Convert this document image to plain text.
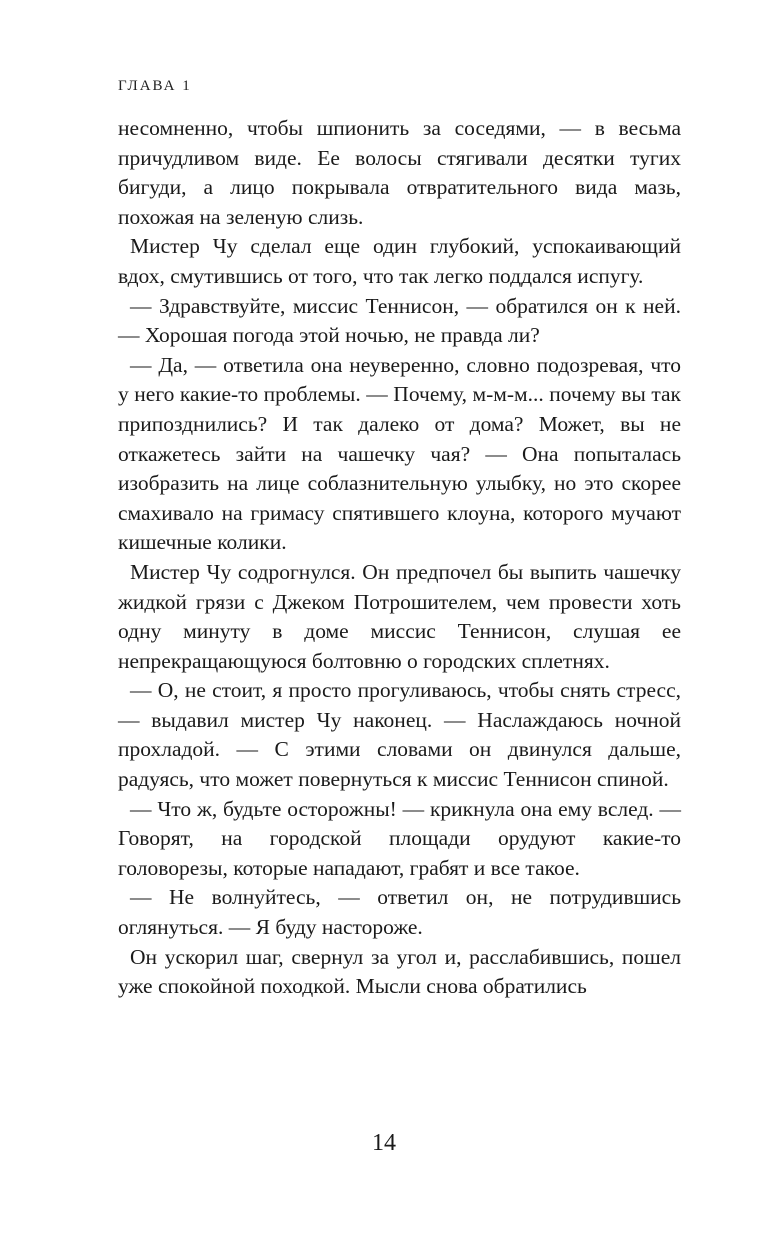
ГЛАВА 1

несомненно, чтобы шпионить за соседями, — в весьма причудливом виде. Ее волосы стягивали десятки тугих бигуди, а лицо покрывала отвратительного вида мазь, похожая на зеленую слизь.

Мистер Чу сделал еще один глубокий, успокаивающий вдох, смутившись от того, что так легко поддался испугу.

— Здравствуйте, миссис Теннисон, — обратился он к ней. — Хорошая погода этой ночью, не правда ли?

— Да, — ответила она неуверенно, словно подозревая, что у него какие-то проблемы. — Почему, м-м-м... почему вы так припозднились? И так далеко от дома? Может, вы не откажетесь зайти на чашечку чая? — Она попыталась изобразить на лице соблазнительную улыбку, но это скорее смахивало на гримасу спятившего клоуна, которого мучают кишечные колики.

Мистер Чу содрогнулся. Он предпочел бы выпить чашечку жидкой грязи с Джеком Потрошителем, чем провести хоть одну минуту в доме миссис Теннисон, слушая ее непрекращающуюся болтовню о городских сплетнях.

— О, не стоит, я просто прогуливаюсь, чтобы снять стресс, — выдавил мистер Чу наконец. — Наслаждаюсь ночной прохладой. — С этими словами он двинулся дальше, радуясь, что может повернуться к миссис Теннисон спиной.

— Что ж, будьте осторожны! — крикнула она ему вслед. — Говорят, на городской площади орудуют какие-то головорезы, которые нападают, грабят и все такое.

— Не волнуйтесь, — ответил он, не потрудившись оглянуться. — Я буду настороже.

Он ускорил шаг, свернул за угол и, расслабившись, пошел уже спокойной походкой. Мысли снова обратились

14
